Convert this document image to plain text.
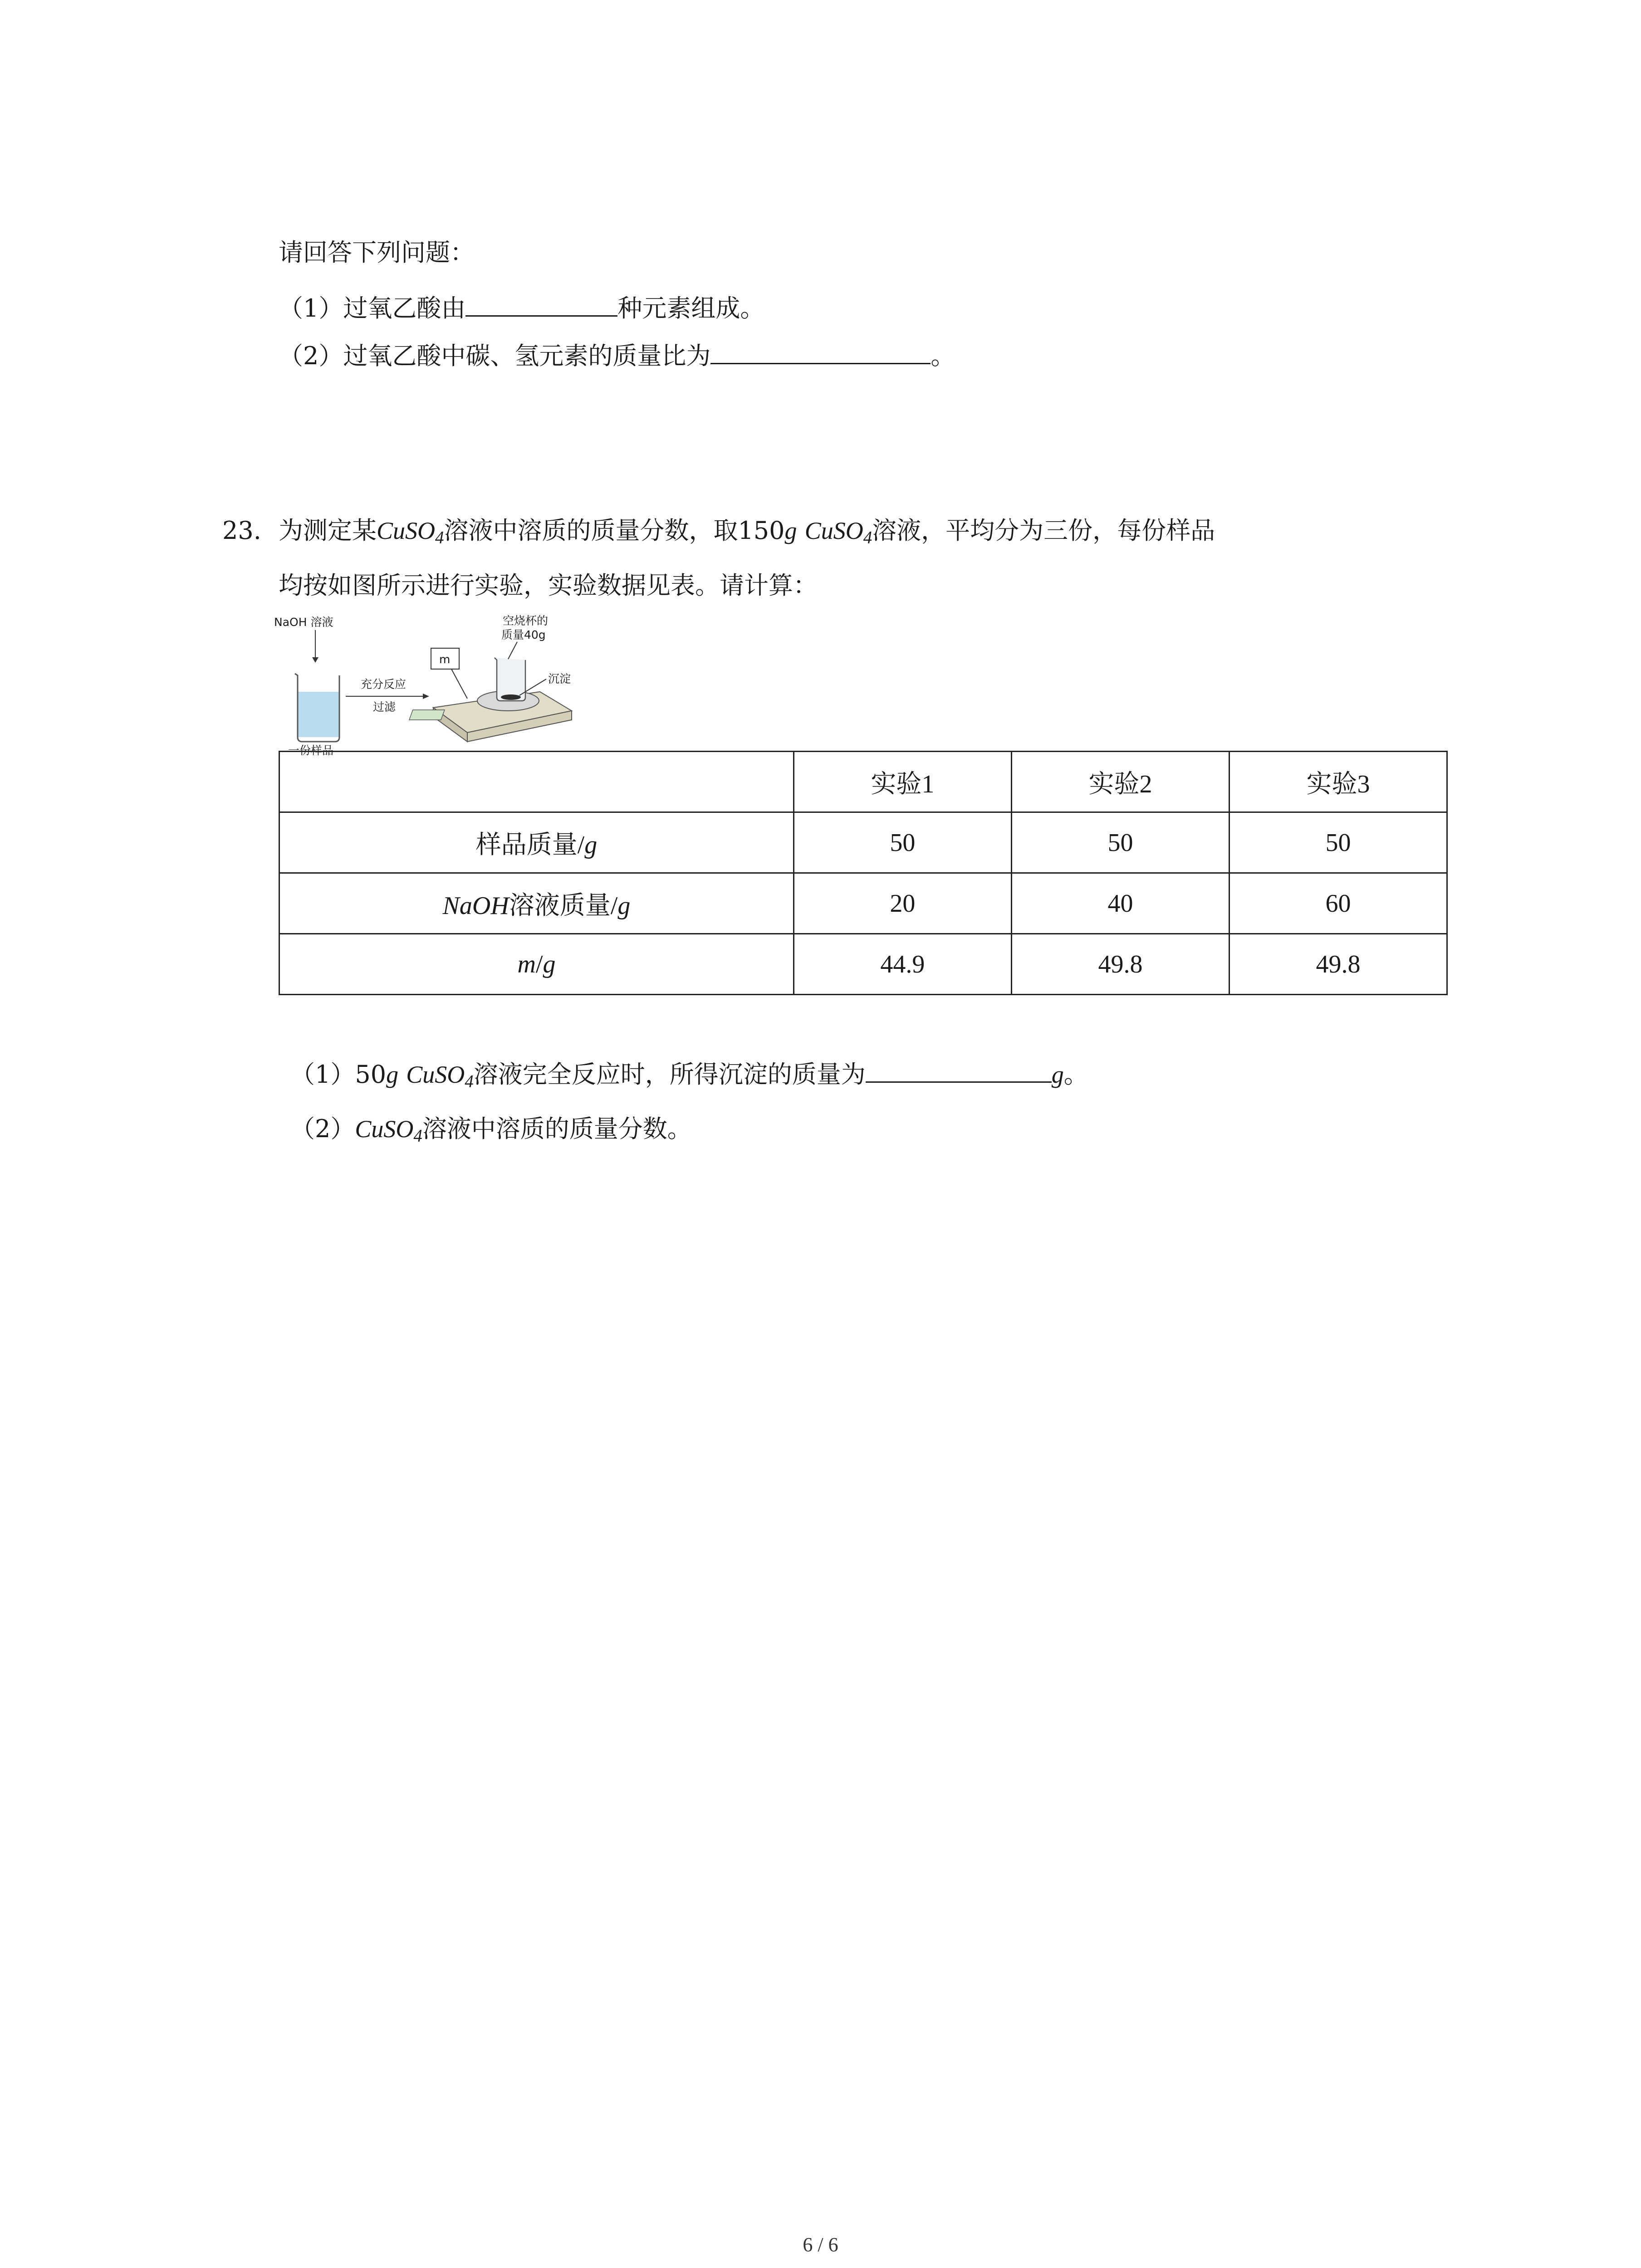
请回答下列问题：
（1）过氧乙酸由	种元素组成。
（2）过氧乙酸中碳、氢元素的质量比为	。
23. 为测定某CuSO$_4$溶液中溶质的质量分数，取150g CuSO$_4$溶液，平均分为三份，每份样品
均按如图所示进行实验，实验数据见表。请计算：
NaOH 溶液
一份样品
充分反应
过滤
m
空烧杯的
质量40g
沉淀
	实验1	实验2	实验3
样品质量/g	50	50	50
NaOH溶液质量/g	20	40	60
m/g	44.9	49.8	49.8
（1）50g CuSO$_4$溶液完全反应时，所得沉淀的质量为	g。
（2）CuSO$_4$溶液中溶质的质量分数。
6 / 6
